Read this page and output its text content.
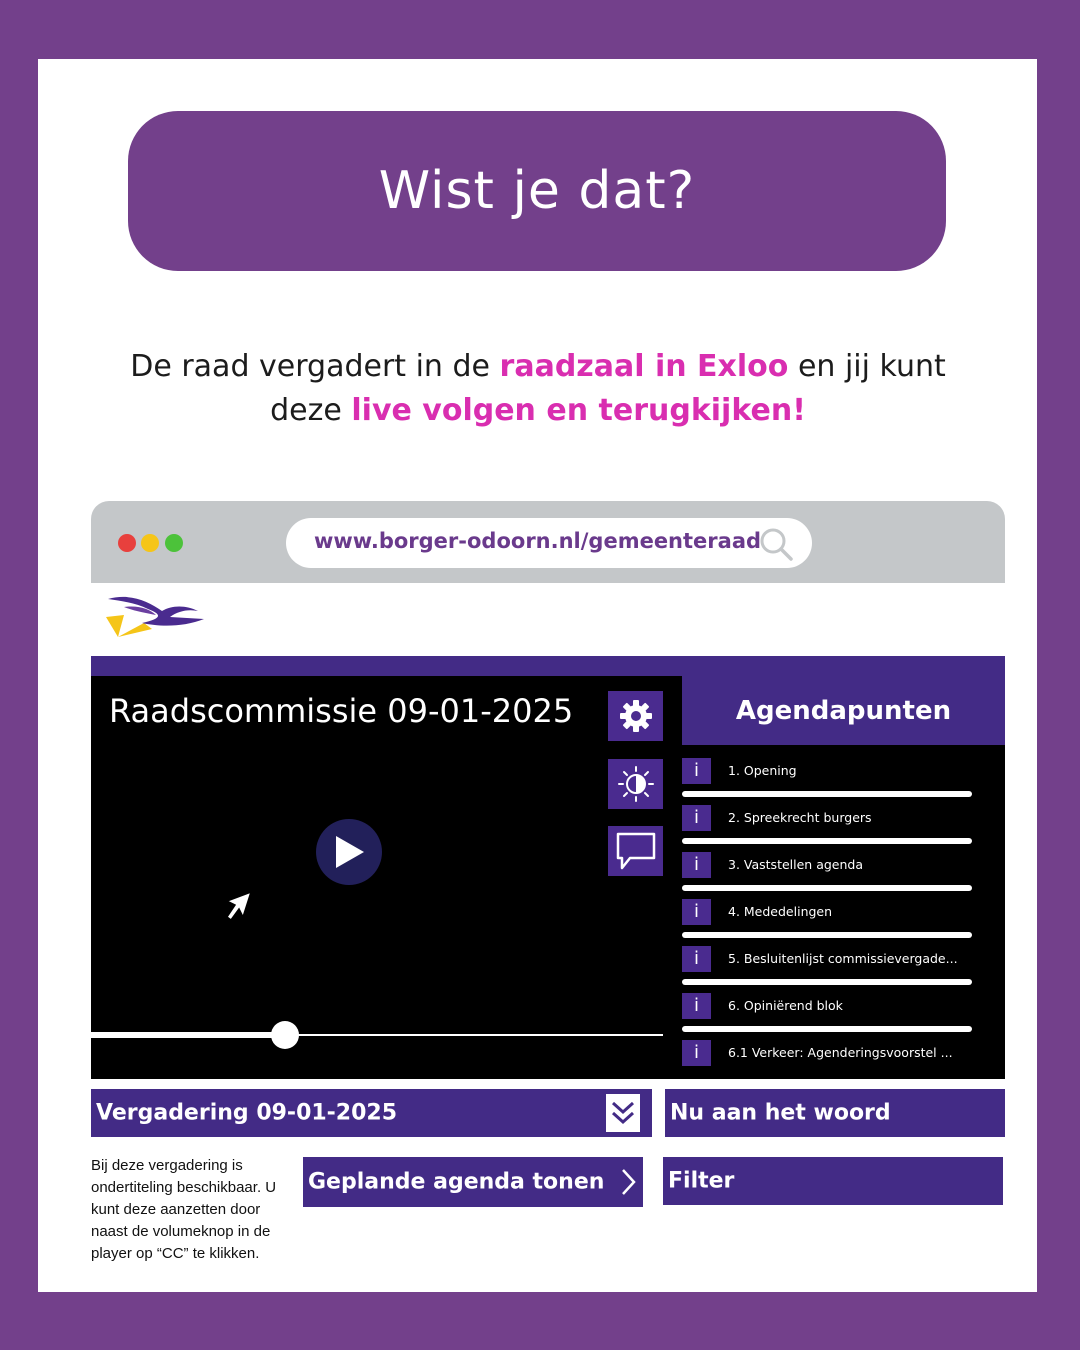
Wist je dat?
De raad vergadert in de raadzaal in Exloo en jij kunt deze live volgen en terugkijken!
www.borger-odoorn.nl/gemeenteraad
Raadscommissie 09-01-2025	Agendapunten
i	1. Opening
i	2. Spreekrecht burgers
i	3. Vaststellen agenda
i	4. Mededelingen
i	5. Besluitenlijst commissievergade...
i	6. Opiniërend blok
i	6.1 Verkeer: Agenderingsvoorstel ...
Vergadering 09-01-2025	Nu aan het woord
Bij deze vergadering is ondertiteling beschikbaar. U kunt deze aanzetten door naast de volumeknop in de player op “CC” te klikken.
Geplande agenda tonen	Filter
